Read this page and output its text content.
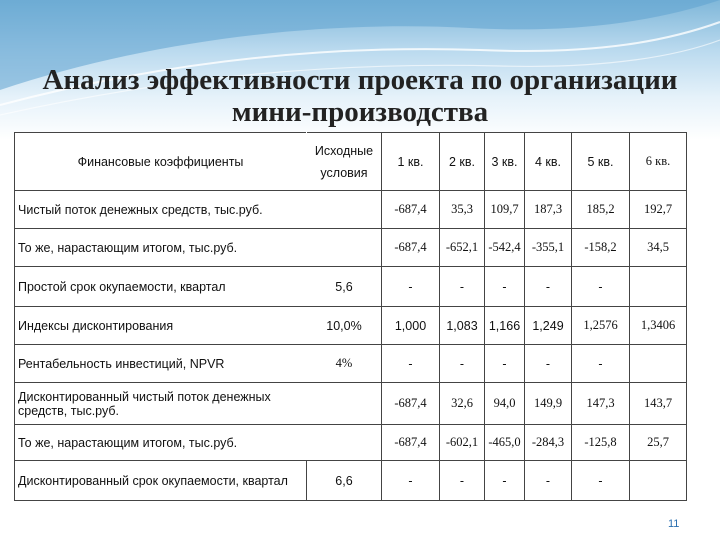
Анализ эффективности проекта по организации
мини-производства
Финансовые коэффициенты	Исходные условия	1 кв.	2 кв.	3 кв.	4 кв.	5 кв.	6 кв.
Чистый поток денежных средств, тыс.руб.		-687,4	35,3	109,7	187,3	185,2	192,7
То же, нарастающим итогом, тыс.руб.		-687,4	-652,1	-542,4	-355,1	-158,2	34,5
Простой срок окупаемости, квартал	5,6	-	-	-	-	-	
Индексы дисконтирования	10,0%	1,000	1,083	1,166	1,249	1,2576	1,3406
Рентабельность инвестиций, NPVR	4%	-	-	-	-	-	
Дисконтированный чистый поток денежных средств, тыс.руб.		-687,4	32,6	94,0	149,9	147,3	143,7
То же, нарастающим итогом, тыс.руб.		-687,4	-602,1	-465,0	-284,3	-125,8	25,7
Дисконтированный срок окупаемости, квартал	6,6	-	-	-	-	-	
11
